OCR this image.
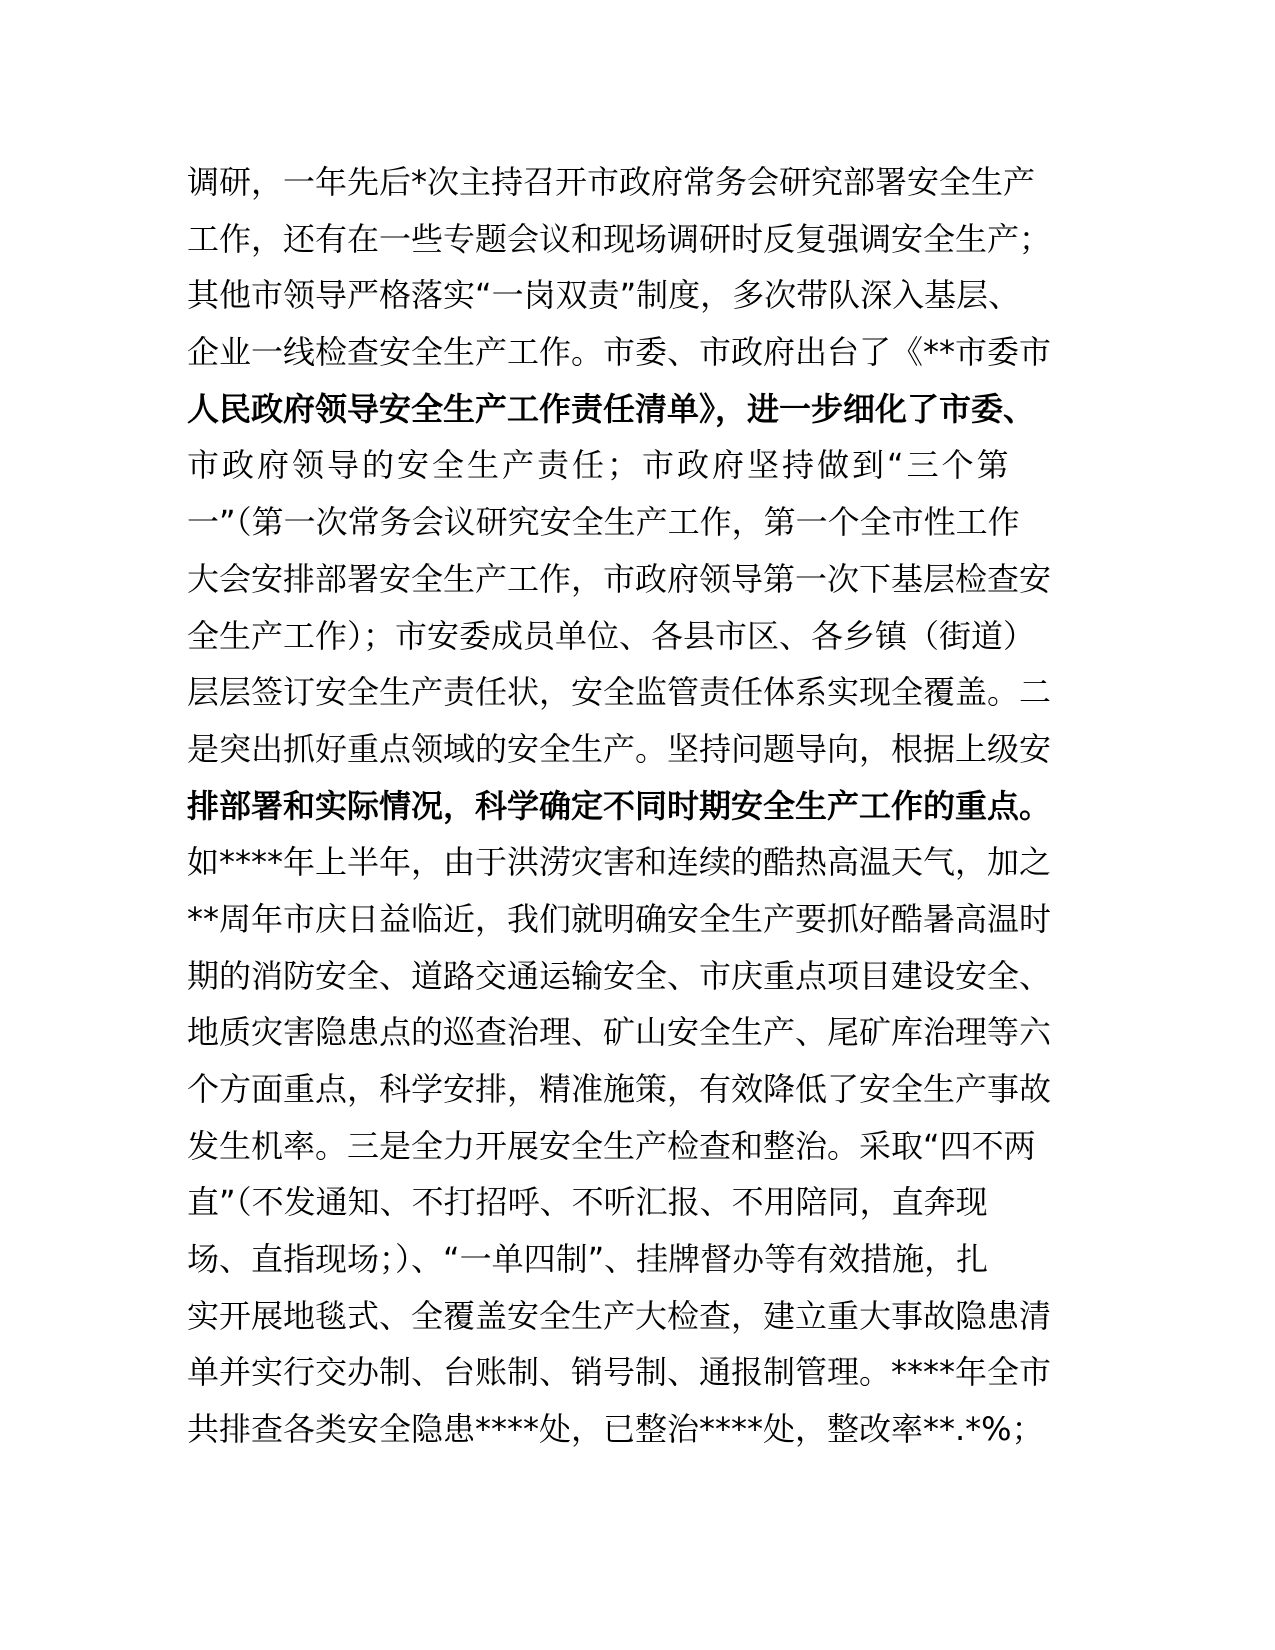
调研，一年先后*次主持召开市政府常务会研究部署安全生产
工作，还有在一些专题会议和现场调研时反复强调安全生产；
其他市领导严格落实“一岗双责”制度，多次带队深入基层、
企业一线检查安全生产工作。市委、市政府出台了《**市委市
人民政府领导安全生产工作责任清单》，进一步细化了市委、
市政府领导的安全生产责任；市政府坚持做到“三个第
一”（第一次常务会议研究安全生产工作，第一个全市性工作
大会安排部署安全生产工作，市政府领导第一次下基层检查安
全生产工作）；市安委成员单位、各县市区、各乡镇（街道）
层层签订安全生产责任状，安全监管责任体系实现全覆盖。二
是突出抓好重点领域的安全生产。坚持问题导向，根据上级安
排部署和实际情况，科学确定不同时期安全生产工作的重点。
如****年上半年，由于洪涝灾害和连续的酷热高温天气，加之
**周年市庆日益临近，我们就明确安全生产要抓好酷暑高温时
期的消防安全、道路交通运输安全、市庆重点项目建设安全、
地质灾害隐患点的巡查治理、矿山安全生产、尾矿库治理等六
个方面重点，科学安排，精准施策，有效降低了安全生产事故
发生机率。三是全力开展安全生产检查和整治。采取“四不两
直”（不发通知、不打招呼、不听汇报、不用陪同，直奔现
场、直指现场；）、“一单四制”、挂牌督办等有效措施，扎
实开展地毯式、全覆盖安全生产大检查，建立重大事故隐患清
单并实行交办制、台账制、销号制、通报制管理。****年全市
共排查各类安全隐患****处，已整治****处，整改率**.*%；
